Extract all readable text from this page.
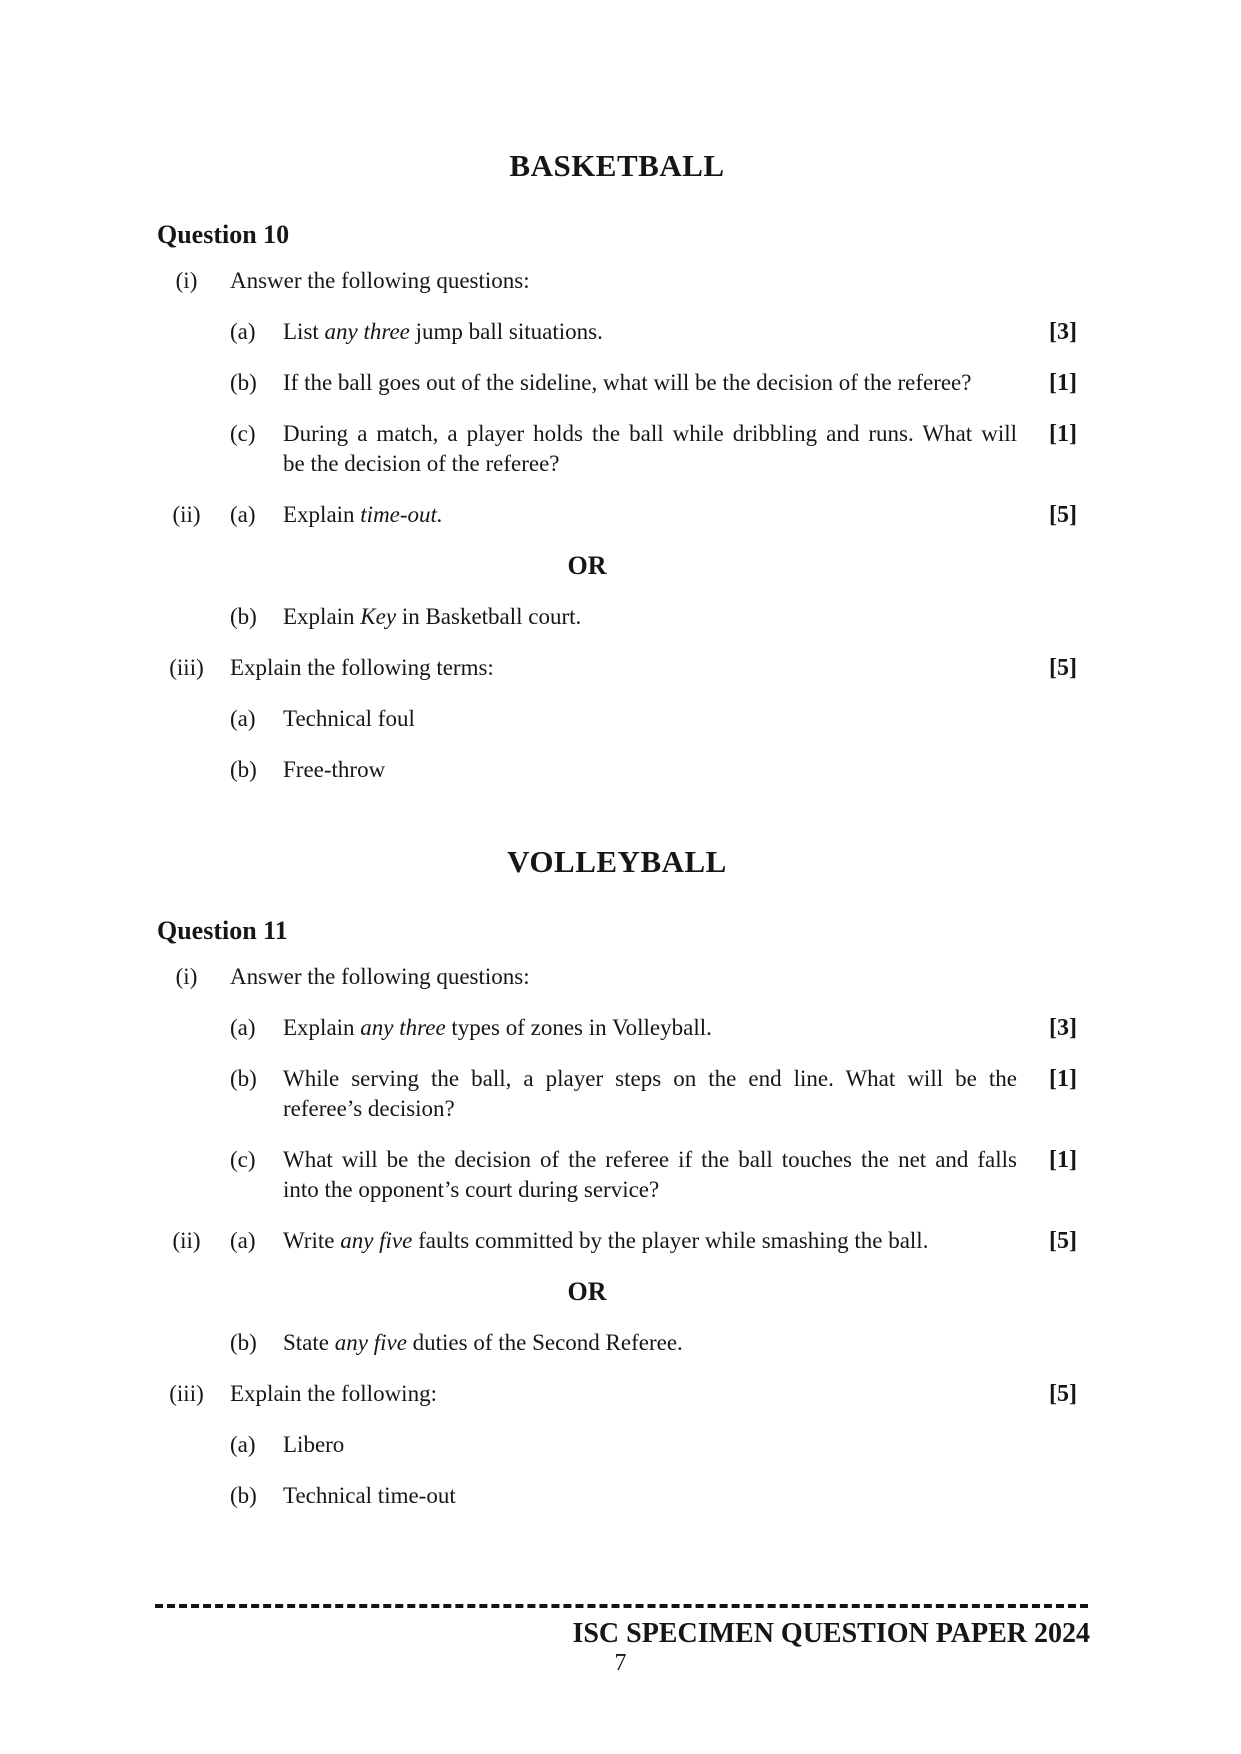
BASKETBALL
Question 10
(i)	Answer the following questions:
(a)	List any three jump ball situations.	[3]
(b)	If the ball goes out of the sideline, what will be the decision of the referee?	[1]
(c)	During a match, a player holds the ball while dribbling and runs. What will
be the decision of the referee?
[1]
(ii)	(a)	Explain time-out.	[5]
OR
(b)	Explain Key in Basketball court.
(iii)	Explain the following terms:	[5]
(a)	Technical foul
(b)	Free-throw
VOLLEYBALL
Question 11
(i)	Answer the following questions:
(a)	Explain any three types of zones in Volleyball.	[3]
(b)	While serving the ball, a player steps on the end line. What will be the
referee’s decision?
[1]
(c)	What will be the decision of the referee if the ball touches the net and falls
into the opponent’s court during service?
[1]
(ii)	(a)	Write any five faults committed by the player while smashing the ball.	[5]
OR
(b)	State any five duties of the Second Referee.
(iii)	Explain the following:	[5]
(a)	Libero
(b)	Technical time-out
ISC SPECIMEN QUESTION PAPER 2024
7
